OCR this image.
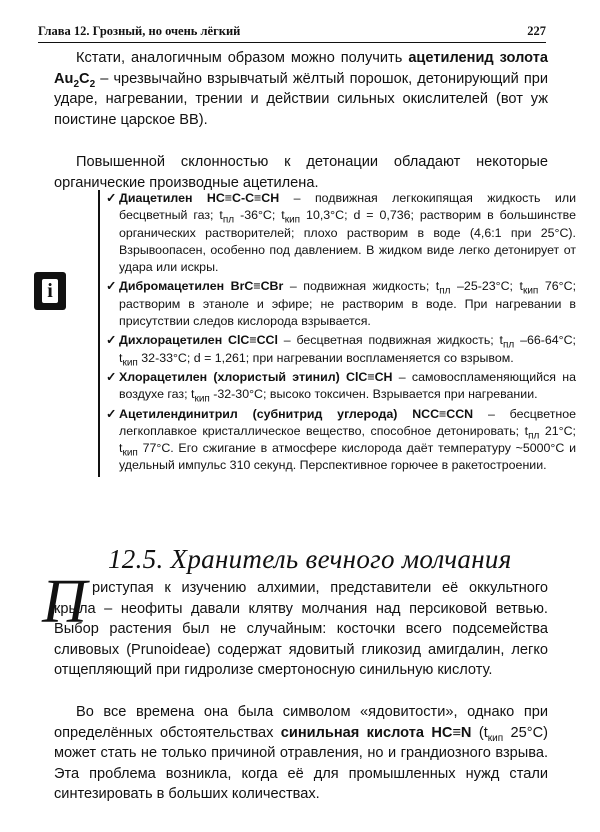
Глава 12. Грозный, но очень лёгкий	227

Кстати, аналогичным образом можно получить ацетиленид золота $Au_2C_2$ – чрезвычайно взрывчатый жёлтый порошок, детонирующий при ударе, нагревании, трении и действии сильных окислителей (вот уж поистине царское ВВ).

Повышенной склонностью к детонации обладают некоторые органические производные ацетилена.

i
✓ Диацетилен HC≡C-C≡CH – подвижная легкокипящая жидкость или бесцветный газ; $t_{пл}$ -36°C; $t_{кип}$ 10,3°C; d = 0,736; растворим в большинстве органических растворителей; плохо растворим в воде (4,6:1 при 25°C). Взрывоопасен, особенно под давлением. В жидком виде легко детонирует от удара или искры.
✓ Дибромацетилен BrC≡CBr – подвижная жидкость; $t_{пл}$ –25-23°C; $t_{кип}$ 76°C; растворим в этаноле и эфире; не растворим в воде. При нагревании в присутствии следов кислорода взрывается.
✓ Дихлорацетилен ClC≡CCl – бесцветная подвижная жидкость; $t_{пл}$ –66-64°C; $t_{кип}$ 32-33°C; d = 1,261; при нагревании воспламеняется со взрывом.
✓ Хлорацетилен (хлористый этинил) ClC≡CH – самовоспламеняющийся на воздухе газ; $t_{кип}$ -32-30°C; высоко токсичен. Взрывается при нагревании.
✓ Ацетилендинитрил (субнитрид углерода) NCC≡CCN – бесцветное легкоплавкое кристаллическое вещество, способное детонировать; $t_{пл}$ 21°C; $t_{кип}$ 77°C. Его сжигание в атмосфере кислорода даёт температуру ~5000°C и удельный импульс 310 секунд. Перспективное горючее в ракетостроении.
12.5. Хранитель вечного молчания
П риступая к изучению алхимии, представители её оккультного крыла – неофиты давали клятву молчания над персиковой ветвью. Выбор растения был не случайным: косточки всего подсемейства сливовых (Prunoideae) содержат ядовитый гликозид амигдалин, легко отщепляющий при гидролизе смертоносную синильную кислоту.

Во все времена она была символом «ядовитости», однако при определённых обстоятельствах синильная кислота HC≡N ($t_{кип}$ 25°C) может стать не только причиной отравления, но и грандиозного взрыва. Эта проблема возникла, когда её для промышленных нужд стали синтезировать в больших количествах.
